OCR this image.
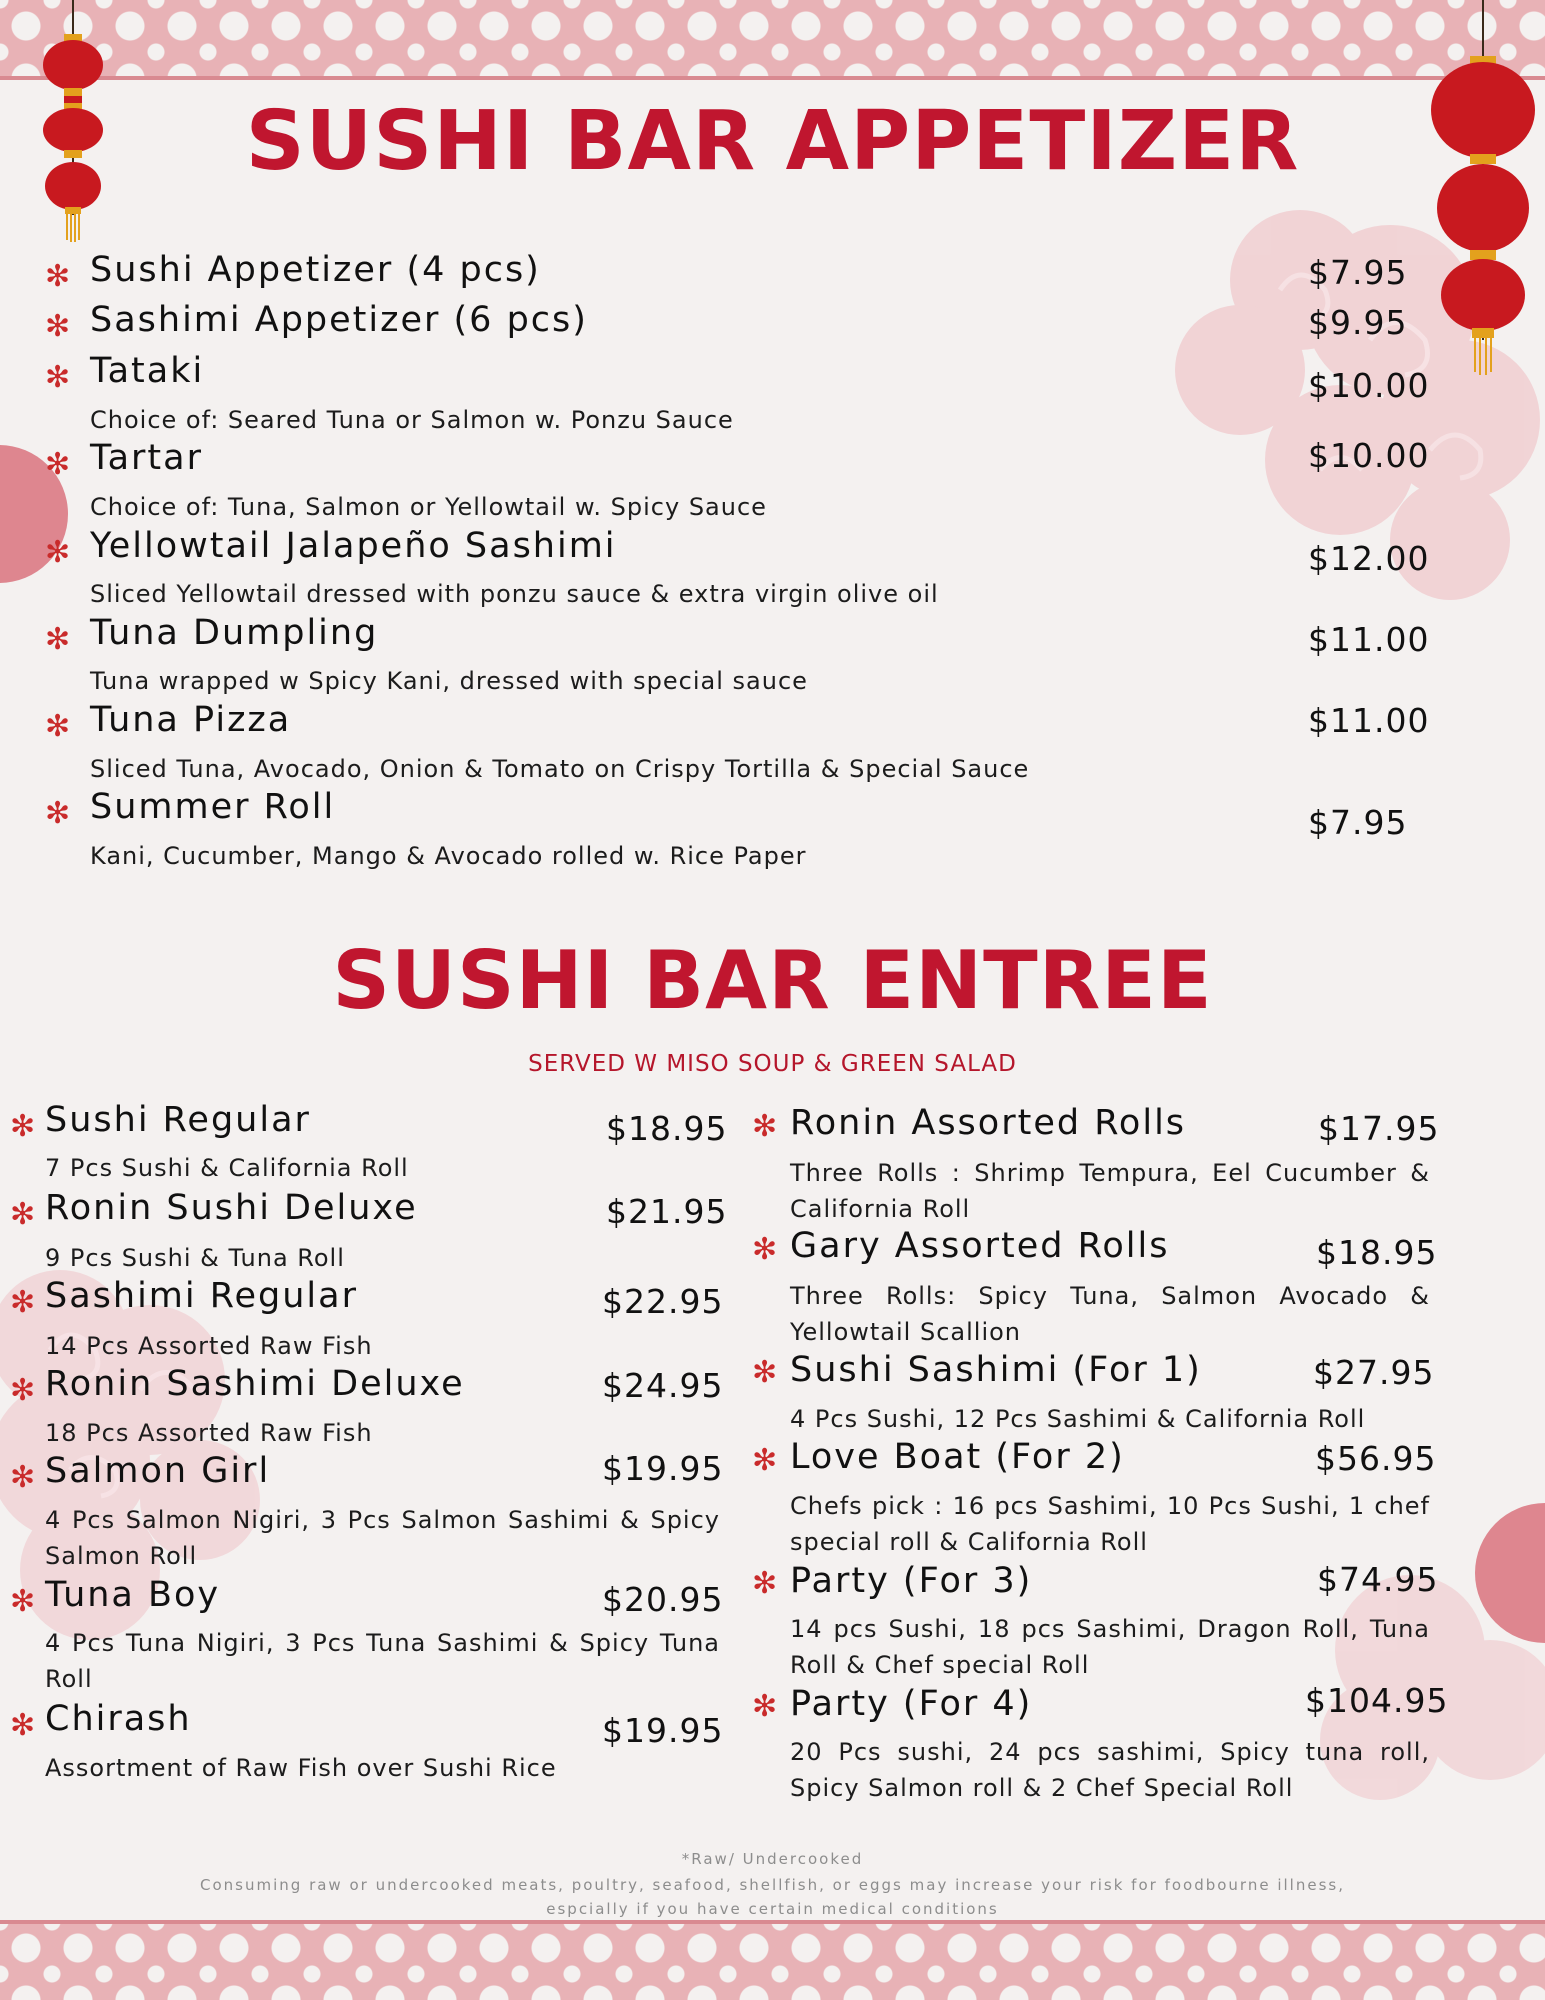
SUSHI BAR APPETIZER
✻ Sushi Appetizer (4 pcs)	$7.95
✻ Sashimi Appetizer (6 pcs)	$9.95
✻ Tataki	$10.00
Choice of: Seared Tuna or Salmon w. Ponzu Sauce
✻ Tartar	$10.00
Choice of: Tuna, Salmon or Yellowtail w. Spicy Sauce
✻ Yellowtail Jalapeño Sashimi	$12.00
Sliced Yellowtail dressed with ponzu sauce & extra virgin olive oil
✻ Tuna Dumpling	$11.00
Tuna wrapped w Spicy Kani, dressed with special sauce
✻ Tuna Pizza	$11.00
Sliced Tuna, Avocado, Onion & Tomato on Crispy Tortilla & Special Sauce
✻ Summer Roll	$7.95
Kani, Cucumber, Mango & Avocado rolled w. Rice Paper
SUSHI BAR ENTREE
SERVED W MISO SOUP & GREEN SALAD
✻ Sushi Regular	$18.95
7 Pcs Sushi & California Roll
✻ Ronin Sushi Deluxe	$21.95
9 Pcs Sushi & Tuna Roll
✻ Sashimi Regular	$22.95
14 Pcs Assorted Raw Fish
✻ Ronin Sashimi Deluxe	$24.95
18 Pcs Assorted Raw Fish
✻ Salmon Girl	$19.95
4 Pcs Salmon Nigiri, 3 Pcs Salmon Sashimi & Spicy Salmon Roll
✻ Tuna Boy	$20.95
4 Pcs Tuna Nigiri, 3 Pcs Tuna Sashimi & Spicy Tuna Roll
✻ Chirash	$19.95
Assortment of Raw Fish over Sushi Rice
✻ Ronin Assorted Rolls	$17.95
Three Rolls : Shrimp Tempura, Eel Cucumber & California Roll
✻ Gary Assorted Rolls	$18.95
Three Rolls: Spicy Tuna, Salmon Avocado & Yellowtail Scallion
✻ Sushi Sashimi (For 1)	$27.95
4 Pcs Sushi, 12 Pcs Sashimi & California Roll
✻ Love Boat (For 2)	$56.95
Chefs pick : 16 pcs Sashimi, 10 Pcs Sushi, 1 chef special roll & California Roll
✻ Party (For 3)	$74.95
14 pcs Sushi, 18 pcs Sashimi, Dragon Roll, Tuna Roll & Chef special Roll
✻ Party (For 4)	$104.95
20 Pcs sushi, 24 pcs sashimi, Spicy tuna roll, Spicy Salmon roll & 2 Chef Special Roll
*Raw/ Undercooked
Consuming raw or undercooked meats, poultry, seafood, shellfish, or eggs may increase your risk for foodbourne illness, espcially if you have certain medical conditions
